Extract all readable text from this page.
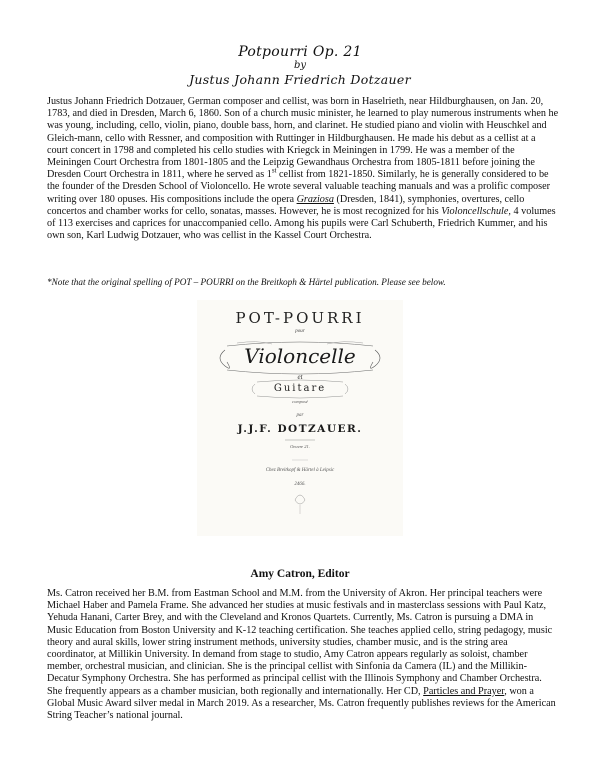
Potpourri Op. 21
by
Justus Johann Friedrich Dotzauer
Justus Johann Friedrich Dotzauer, German composer and cellist, was born in Haselrieth, near Hildburghausen, on Jan. 20, 1783, and died in Dresden, March 6, 1860. Son of a church music minister, he learned to play numerous instruments when he was young, including, cello, violin, piano, double bass, horn, and clarinet. He studied piano and violin with Heuschkel and Gleich-mann, cello with Ressner, and composition with Ruttinger in Hildburghausen. He made his debut as a cellist at a court concert in 1798 and completed his cello studies with Kriegck in Meiningen in 1799. He was a member of the Meiningen Court Orchestra from 1801-1805 and the Leipzig Gewandhaus Orchestra from 1805-1811 before joining the Dresden Court Orchestra in 1811, where he served as 1st cellist from 1821-1850. Similarly, he is generally considered to be the founder of the Dresden School of Violoncello. He wrote several valuable teaching manuals and was a prolific composer writing over 180 opuses. His compositions include the opera Graziosa (Dresden, 1841), symphonies, overtures, cello concertos and chamber works for cello, sonatas, masses. However, he is most recognized for his Violoncellschule, 4 volumes of 113 exercises and caprices for unaccompanied cello. Among his pupils were Carl Schuberth, Friedrich Kummer, and his own son, Karl Ludwig Dotzauer, who was cellist in the Kassel Court Orchestra.
*Note that the original spelling of POT – POURRI on the Breitkoph & Härtel publication. Please see below.
POT-POURRI
pour
Violoncelle
et
Guitare
composé
par
J.J.F. DOTZAUER.
Oeuvre 21.
Chez Breitkopf & Härtel à Leipsic
2466.
Amy Catron, Editor
Ms. Catron received her B.M. from Eastman School and M.M. from the University of Akron. Her principal teachers were Michael Haber and Pamela Frame. She advanced her studies at music festivals and in masterclass sessions with Paul Katz, Yehuda Hanani, Carter Brey, and with the Cleveland and Kronos Quartets. Currently, Ms. Catron is pursuing a DMA in Music Education from Boston University and K-12 teaching certification. She teaches applied cello, string pedagogy, music theory and aural skills, lower string instrument methods, university studies, chamber music, and is the string area coordinator, at Millikin University. In demand from stage to studio, Amy Catron appears regularly as soloist, chamber member, orchestral musician, and clinician. She is the principal cellist with Sinfonia da Camera (IL) and the Millikin-Decatur Symphony Orchestra. She has performed as principal cellist with the Illinois Symphony and Chamber Orchestra. She frequently appears as a chamber musician, both regionally and internationally. Her CD, Particles and Prayer, won a Global Music Award silver medal in March 2019. As a researcher, Ms. Catron frequently publishes reviews for the American String Teacher’s national journal.
